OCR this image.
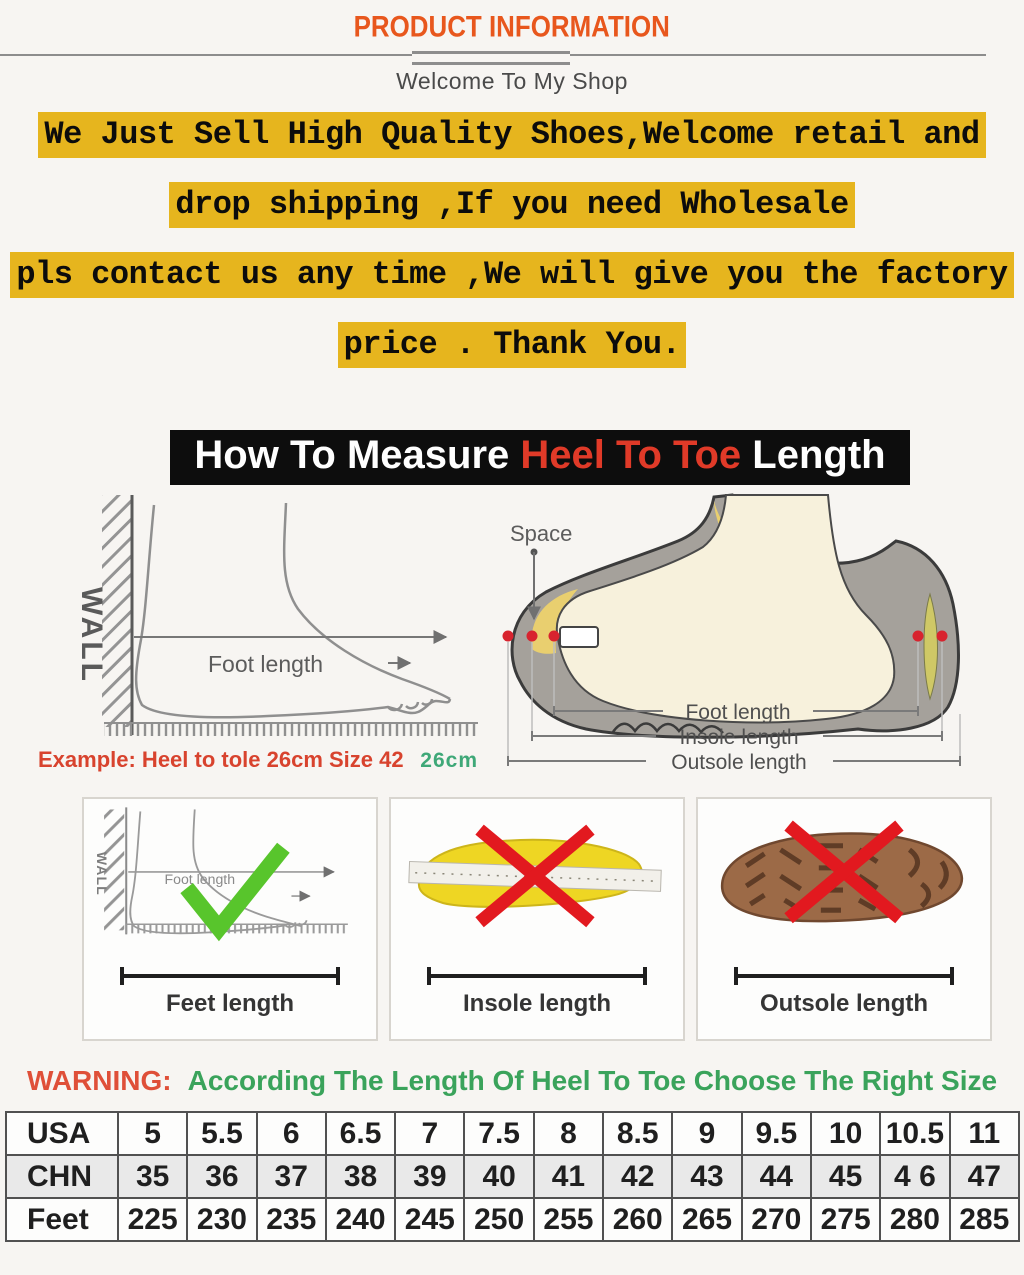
PRODUCT INFORMATION
Welcome To My Shop
We Just Sell High Quality Shoes,Welcome retail and
drop shipping ,If you need Wholesale
pls contact us any time ,We will give you the factory
price . Thank You.
How To Measure Heel To Toe Length
WALL	Foot length
Example: Heel to tole 26cm Size 42 26cm
Space
Foot length
Insole length
Outsole length
WALL	Foot length
Feet length	Insole length	Outsole length
WARNING: According The Length Of Heel To Toe Choose The Right Size
USA	5	5.5	6	6.5	7	7.5	8	8.5	9	9.5	10	10.5	11
CHN	35	36	37	38	39	40	41	42	43	44	45	4 6	47
Feet	225	230	235	240	245	250	255	260	265	270	275	280	285
